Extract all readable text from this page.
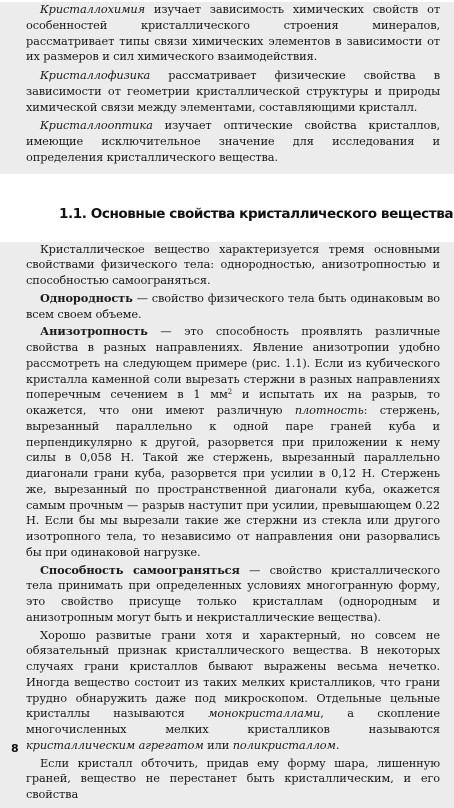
Кристаллохимия изучает зависимость химических свойств от особенностей кристаллического строения минералов, рассматривает типы связи химических элементов в зависимости от их размеров и сил химического взаимодействия.

Кристаллофизика рассматривает физические свойства в зависимости от геометрии кристаллической структуры и природы химической связи между элементами, составляющими кристалл.

Кристаллооптика изучает оптические свойства кристаллов, имеющие исключительное значение для исследования и определения кристаллического вещества.

1.1. Основные свойства кристаллического вещества

Кристаллическое вещество характеризуется тремя основными свойствами физического тела: однородностью, анизотропностью и способностью самоограняться.

Однородность — свойство физического тела быть одинаковым во всем своем объеме.

Анизотропность — это способность проявлять различные свойства в разных направлениях. Явление анизотропии удобно рассмотреть на следующем примере (рис. 1.1). Если из кубического кристалла каменной соли вырезать стержни в разных направлениях поперечным сечением в 1 $мм^2$ и испытать их на разрыв, то окажется, что они имеют различную плотность: стержень, вырезанный параллельно к одной паре граней куба и перпендикулярно к другой, разорвется при приложении к нему силы в 0,058 Н. Такой же стержень, вырезанный параллельно диагонали грани куба, разорвется при усилии в 0,12 Н. Стержень же, вырезанный по пространственной диагонали куба, окажется самым прочным — разрыв наступит при усилии, превышающем 0.22 Н. Если бы мы вырезали такие же стержни из стекла или другого изотропного тела, то независимо от направления они разорвались бы при одинаковой нагрузке.

Способность самоограняться — свойство кристаллического тела принимать при определенных условиях многогранную форму, это свойство присуще только кристаллам (однородным и анизотропным могут быть и некристаллические вещества).

Хорошо развитые грани хотя и характерный, но совсем не обязательный признак кристаллического вещества. В некоторых случаях грани кристаллов бывают выражены весьма нечетко. Иногда вещество состоит из таких мелких кристалликов, что грани трудно обнаружить даже под микроскопом. Отдельные цельные кристаллы называются монокристаллами, а скопление многочисленных мелких кристалликов называются кристаллическим агрегатом или поликристаллом.

Если кристалл обточить, придав ему форму шара, лишенную граней, вещество не перестанет быть кристаллическим, и его свойства

8
